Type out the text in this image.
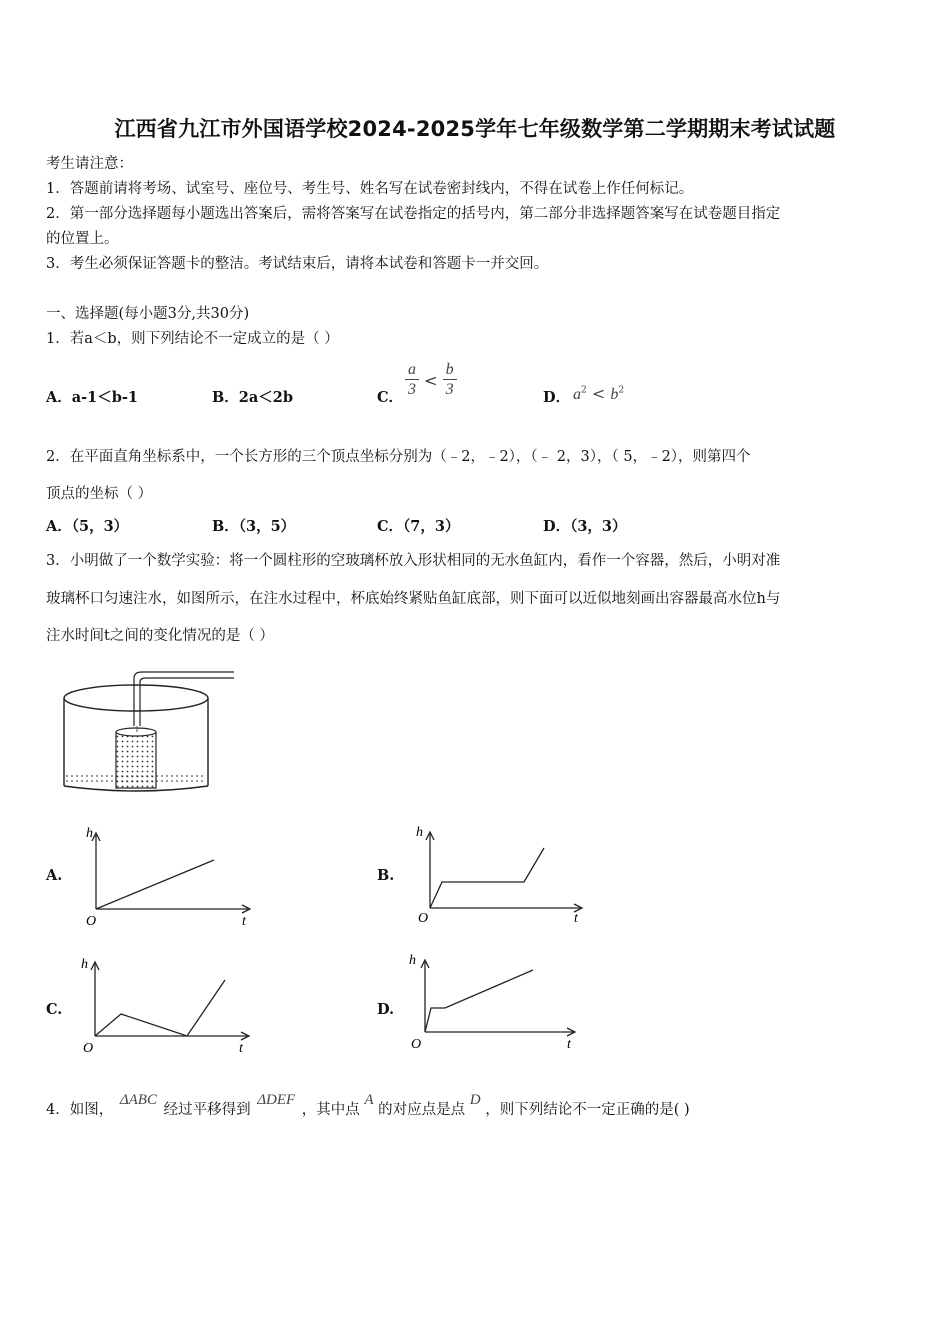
江西省九江市外国语学校2024-2025学年七年级数学第二学期期末考试试题
考生请注意：
1．答题前请将考场、试室号、座位号、考生号、姓名写在试卷密封线内，不得在试卷上作任何标记。
2．第一部分选择题每小题选出答案后，需将答案写在试卷指定的括号内，第二部分非选择题答案写在试卷题目指定
的位置上。
3．考生必须保证答题卡的整洁。考试结束后，请将本试卷和答题卡一并交回。
一、选择题(每小题3分,共30分)
1．若a＜b，则下列结论不一定成立的是（ ）
A．a-1＜b-1	B．2a＜2b	C． $\frac{a}{3} < \frac{b}{3}$	D． $a^2 < b^2$
2．在平面直角坐标系中，一个长方形的三个顶点坐标分别为（﹣2，﹣2），（﹣ 2，3），（ 5，﹣2），则第四个
顶点的坐标（ ）
A．（5，3）	B．（3，5）	C．（7，3）	D．（3，3）
3．小明做了一个数学实验：将一个圆柱形的空玻璃杯放入形状相同的无水鱼缸内，看作一个容器，然后，小明对准
玻璃杯口匀速注水，如图所示，在注水过程中，杯底始终紧贴鱼缸底部，则下面可以近似地刻画出容器最高水位h与
注水时间t之间的变化情况的是（ ）
A.
h
t
O
B.
h
t
O
C.
h
t
O
D.
h
t
O
4．如图， ΔABC 经过平移得到 ΔDEF ，其中点 A 的对应点是点 D ，则下列结论不一定正确的是( )
